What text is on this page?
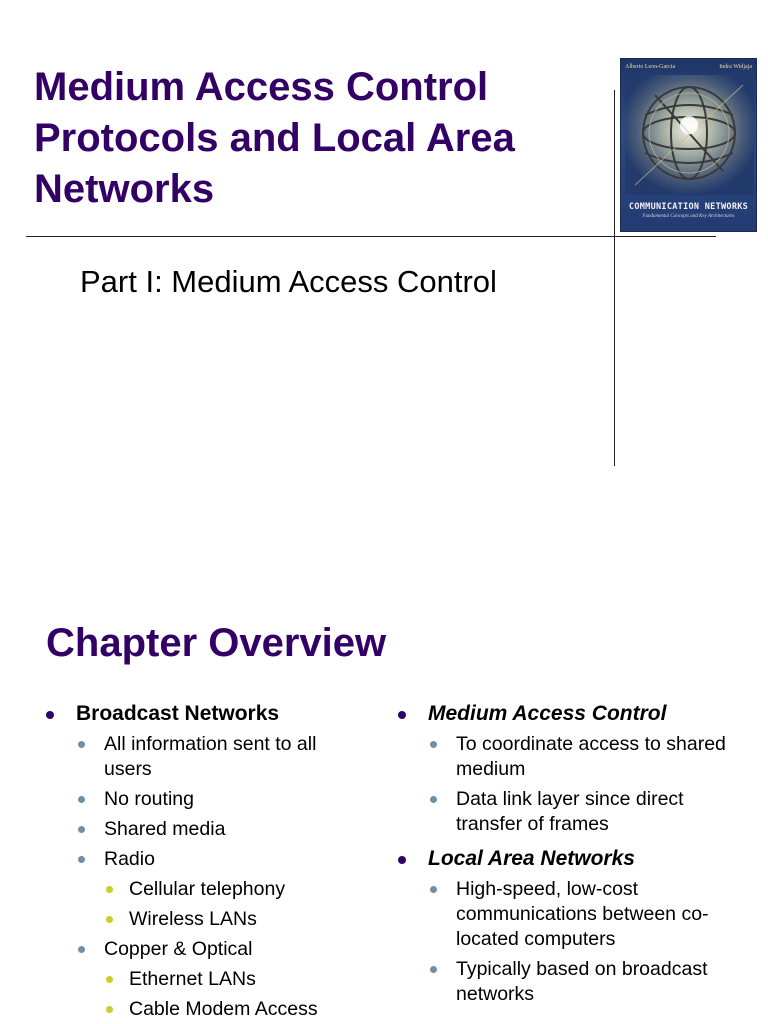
Medium Access Control
Protocols and Local Area
Networks
Part I: Medium Access Control
Alberto Leon-Garcia	Indra Widjaja
COMMUNICATION NETWORKS
Fundamental Concepts and Key Architectures
Chapter Overview
Broadcast Networks
All information sent to all users
No routing
Shared media
Radio
Cellular telephony
Wireless LANs
Copper & Optical
Ethernet LANs
Cable Modem Access
Medium Access Control
To coordinate access to shared medium
Data link layer since direct transfer of frames
Local Area Networks
High-speed, low-cost communications between co-located computers
Typically based on broadcast networks
